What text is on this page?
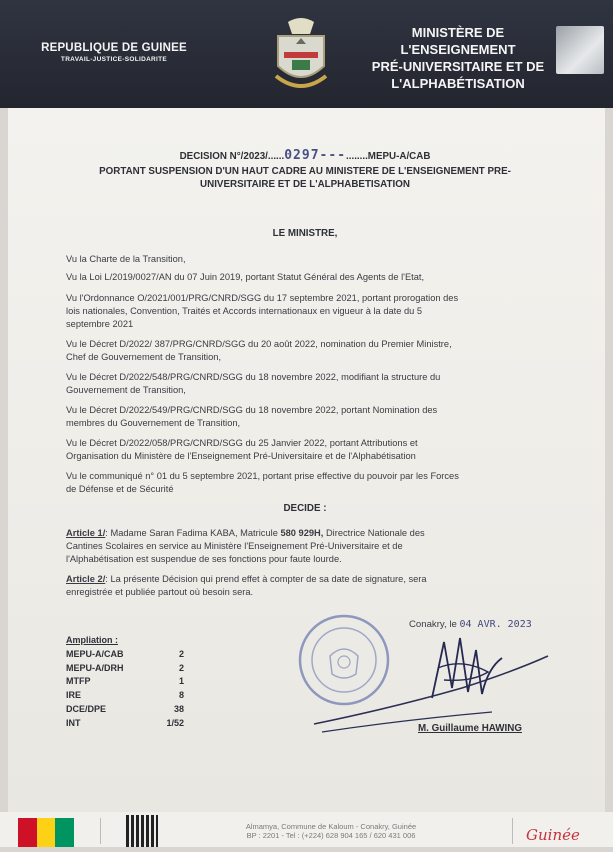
REPUBLIQUE DE GUINEE
TRAVAIL-JUSTICE-SOLIDARITE
MINISTÈRE DE L'ENSEIGNEMENT
PRÉ-UNIVERSITAIRE ET DE
L'ALPHABÉTISATION
DECISION N°/2023/......0297---........MEPU-A/CAB
PORTANT SUSPENSION D'UN HAUT CADRE AU MINISTERE DE L'ENSEIGNEMENT PRE-
UNIVERSITAIRE ET DE L'ALPHABETISATION
LE MINISTRE,
Vu la Charte de la Transition,
Vu la Loi L/2019/0027/AN du 07 Juin 2019, portant Statut Général des Agents de l'Etat,
Vu l'Ordonnance O/2021/001/PRG/CNRD/SGG du 17 septembre 2021, portant prorogation des
lois nationales, Convention, Traités et Accords internationaux en vigueur à la date du 5
septembre 2021
Vu le Décret D/2022/ 387/PRG/CNRD/SGG du 20 août 2022, nomination du Premier Ministre,
Chef de Gouvernement de Transition,
Vu le Décret D/2022/548/PRG/CNRD/SGG du 18 novembre 2022, modifiant la structure du
Gouvernement de Transition,
Vu le Décret D/2022/549/PRG/CNRD/SGG du 18 novembre 2022, portant Nomination des
membres du Gouvernement de Transition,
Vu le Décret D/2022/058/PRG/CNRD/SGG du 25 Janvier 2022, portant Attributions et
Organisation du Ministère de l'Enseignement Pré-Universitaire et de l'Alphabétisation
Vu le communiqué n° 01 du 5 septembre 2021, portant prise effective du pouvoir par les Forces
de Défense et de Sécurité
DECIDE :
Article 1/: Madame Saran Fadima KABA, Matricule 580 929H, Directrice Nationale des
Cantines Scolaires en service au Ministère l'Enseignement Pré-Universitaire et de
l'Alphabétisation est suspendue de ses fonctions pour faute lourde.
Article 2/: La présente Décision qui prend effet à compter de sa date de signature, sera
enregistrée et publiée partout où besoin sera.
Conakry, le 04 AVR. 2023
Ampliation :
MEPU-A/CAB	2
MEPU-A/DRH	2
MTFP	1
IRE	8
DCE/DPE	38
INT	1/52
M. Guillaume HAWING
Almamya, Commune de Kaloum - Conakry, Guinée
BP : 2201 - Tel : (+224) 628 904 165 / 620 431 006	Guinée
